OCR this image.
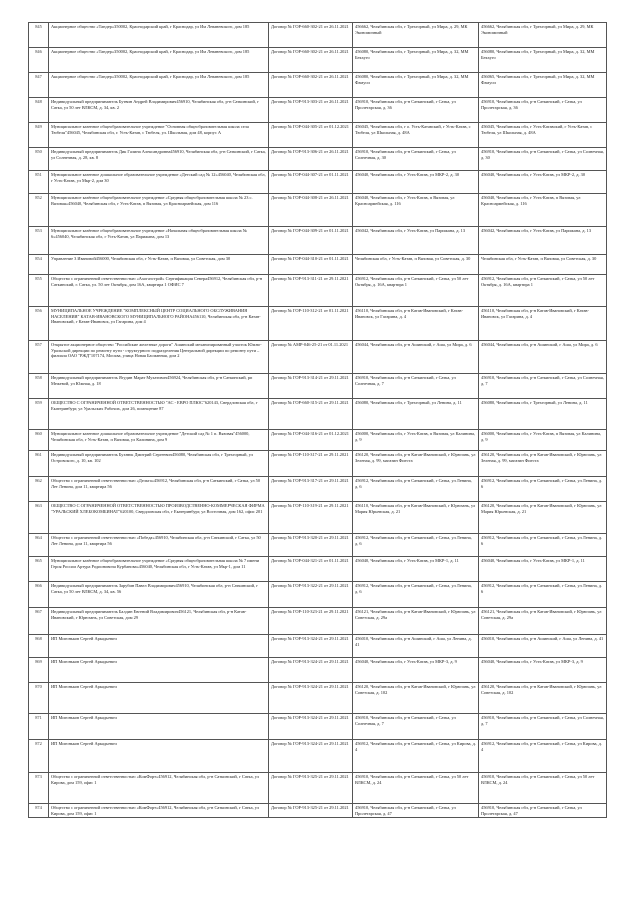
845	Акционерное общество «Тандер»350002, Краснодарский край, г Краснодар, ул Им Леваневского, дом 185	Договор № ГОР-660-302-21 от 26.11.2021	456662, Челябинская обл, г Трехгорный, ул Мира, д. 29, МК Экономичный	456662, Челябинская обл, г Трехгорный, ул Мира, д. 29, МК Экономичный
846	Акционерное общество «Тандер»350002, Краснодарский край, г Краснодар, ул Им Леваневского, дом 185	Договор № ГОР-660-302-21 от 26.11.2021	456080, Челябинская обл, г Трехгорный, ул Мира, д. 32, ММ Бекхуго	456080, Челябинская обл, г Трехгорный, ул Мира, д. 32, ММ Бекхуго
847	Акционерное общество «Тандер»350002, Краснодарский край, г Краснодар, ул Им Леваневского, дом 185	Договор № ГОР-660-302-21 от 26.11.2021	456080, Челябинская обл, г Трехгорный, ул Мира, д. 32, ММ Фамуси	456065, Челябинская обл, г Трехгорный, ул Мира, д. 32, ММ Фамуси
848	Индивидуальный предприниматель Бутвин Андрей Владимирович456910, Челябинская обл, р-н Саткинский, г Сатка, ул 50 лет ВЛКСМ, д. 34, кв. 2	Договор № ГОР-913-303-21 от 26.11.2021	456910, Челябинская обл, р-н Саткинский, г Сатка, ул Пролетарская, д. 36	456910, Челябинская обл, р-н Саткинский, г Сатка, ул Пролетарская, д. 36
849	Муниципальное казенное общеобразовательное учреждение "Основная общеобразовательная школа села Тюбеля"456045, Челябинская обл, г. Усть-Катав, с Тюбеля, ул. Школьная, дом 48, корпус А	Договор № ГОР-044-305-21 от 01.12.2021	456045, Челябинская обл, г о. Усть-Катавский, г Усть-Катав, с Тюбеля, ул Школьная, д. 48А	456045, Челябинская обл, г Усть-Катавский, г Усть-Катав, с Тюбеля, ул Школьная, д. 48А
850	Индивидуальный предприниматель Дик Галина Александровна456910, Челябинская обл, р-н Саткинский, г Сатка, ул Солнечная, д. 28, кв. 8	Договор № ГОР-913-306-21 от 26.11.2021	456910, Челябинская обл, р-н Саткинский, г Сатка, ул Солнечная, д. 30	456910, Челябинская обл, р-н Саткинский, г Сатка, ул Солнечная, д. 30
851	Муниципальное казенное дошкольное образовательное учреждение «Детский сад № 12»456040, Челябинская обл, г Усть-Катав, ул Мкр-2, дом 30	Договор № ГОР-044-307-21 от 01.11.2021	456040, Челябинская обл, г Усть-Катав, ул МКР-2, д. 30	456040, Челябинская обл, г Усть-Катав, ул МКР-2, д. 30
852	Муниципальное казённое общеобразовательное учреждение «Средняя общеобразовательная школа № 23 с. Вязовая»456040, Челябинская обл, г Усть-Катав, п Вязовая, ул Красноармейская, дом 116	Договор № ГОР-044-308-21 от 26.11.2021	456040, Челябинская обл, г Усть-Катав, п Вязовая, ул Красноармейская, д. 116	456040, Челябинская обл, г Усть-Катав, п Вязовая, ул Красноармейская, д. 116
853	Муниципальное казённое общеобразовательное учреждение «Начальная общеобразовательная школа № 6»456040, Челябинская обл, г Усть-Катав, ул Парижана, дом 13	Договор № ГОР-044-309-21 от 01.11.2021	456042, Челябинская обл, г Усть-Катав, ул Парижана, д. 13	456042, Челябинская обл, г Усть-Катав, ул Парижана, д. 13
854	Управление 3 Ивановой456000, Челябинская обл, г Усть-Катав, п Вязовая, ул Советская, дом 30	Договор № ГОР-044-310-21 от 01.11.2021	Челябинская обл, г Усть-Катав, п Вязовая, ул Советская, д. 30	Челябинская обл, г Усть-Катав, п Вязовая, ул Советская, д. 30
855	Общество с ограниченной ответственностью «Ахогазстрой» Сертификация Севера456912, Челябинская обл, р-н Саткинский, г. Сатка, ул. 50 лет Октября, дом 16А, квартира 1 ОФИС 7	Договор № ГОР-913-311-21 от 29.11.2021	456912, Челябинская обл, р-н Саткинский, г Сатка, ул 50 лет Октября, д. 16А, квартира 1	456912, Челябинская обл, р-н Саткинский, г Сатка, ул 50 лет Октября, д. 16А, квартира 1
856	МУНИЦИПАЛЬНОЕ УЧРЕЖДЕНИЕ "КОМПЛЕКСНЫЙ ЦЕНТР СОЦИАЛЬНОГО ОБСЛУЖИВАНИЯ НАСЕЛЕНИЯ" КАТАВ-ИВАНОВСКОГО МУНИЦИПАЛЬНОГО РАЙОНА456110, Челябинская обл, р-н Катав-Ивановский, г Катав-Ивановск, ул Гагарина, дом 4	Договор № ГОР-110-312-21 от 01.11.2021	456110, Челябинская обл, р-н Катав-Ивановский, г Катав-Ивановск, ул Гагарина, д. 4	456110, Челябинская обл, р-н Катав-Ивановский, г Катав-Ивановск, ул Гагарина, д. 4
857	Открытое акционерное общество "Российские железные дороги" Ашинский механизированный участок Южно-Уральской дирекции по ремонту пути - структурного подразделения Центральной дирекции по ремонту пути – филиала ОАО "РЖД"107174, Москва, улица Новая Басманная, дом 2	Договор № АМР-046-25-21 от 01.11.2021	456044, Челябинская обл, р-н Ашинский, г Аша, ул Мира, д. 6	456044, Челябинская обл, р-н Ашинский, г Аша, ул Мира, д. 6
858	Индивидуальный предприниматель Ягудин Марат Мухатович456924, Челябинская обл, р-н Саткинский, рп Межевой, ул Южная, д. 18	Договор № ГОР-913-314-21 от 29.11.2021	456910, Челябинская обл, р-н Саткинский, г Сатка, ул Солнечная, д. 7	456910, Челябинская обл, р-н Саткинский, г Сатка, ул Солнечная, д. 7
859	ОБЩЕСТВО С ОГРАНИЧЕННОЙ ОТВЕТСТВЕННОСТЬЮ "АС - ЕВРО ПЛЮС"620143, Свердловская обл, г Екатеринбург, ул Уральских Рабочих, дом 26, помещение 87	Договор № ГОР-660-315-21 от 29.11.2021	456080, Челябинская обл, г Трехгорный, ул Ленина, д. 11	456080, Челябинская обл, г Трехгорный, ул Ленина, д. 11
860	Муниципальное казенное дошкольное образовательное учреждение "Детский сад № 1 п. Вязовая"456000, Челябинская обл, г Усть-Катав, п Вязовая, ул Калинина, дом 9	Договор № ГОР-044-316-21 от 01.12.2021	456000, Челябинская обл, г Усть-Катав, п Вязовая, ул Калинина, д. 9	456000, Челябинская обл, г Усть-Катав, п Вязовая, ул Калинина, д. 9
861	Индивидуальный предприниматель Бухнюк Дмитрий Сергеевич456080, Челябинская обл, г Трехгорный, ул Островского, д. 10, кв. 102	Договор № ГОР-110-317-21 от 29.11.2021	456120, Челябинская обл, р-н Катав-Ивановский, г Юрюзань, ул Зеленая, д. 99, магазин Фиеста	456120, Челябинская обл, р-н Катав-Ивановский, г Юрюзань, ул Зеленая, д. 99, магазин Фиеста
862	Общество с ограниченной ответственностью «Дельта»456912, Челябинская обл, р-н Саткинский, г Сатка, ул 50 Лет Ленина, дом 11, квартира 56	Договор № ГОР-913-317-21 от 29.11.2021	456912, Челябинская обл, р-н Саткинский, г Сатка, ул Ленина, д. 6	456912, Челябинская обл, р-н Саткинский, г Сатка, ул Ленина, д. 6
863	ОБЩЕСТВО С ОГРАНИЧЕННОЙ ОТВЕТСТВЕННОСТЬЮ ПРОИЗВОДСТВЕННО-КОММЕРЧЕСКАЯ ФИРМА "УРАЛЬСКИЙ ХЛЕБОКОМБИНАТ"620100, Свердловская обл, г Екатеринбург, ул Восточная, дом 162, офис 201	Договор № ГОР-110-319-21 от 29.11.2021	456110, Челябинская обл, р-н Катав-Ивановский, г Юрюзань, ул Мария Юрьевская, д. 21	456120, Челябинская обл, р-н Катав-Ивановский, г Юрюзань, ул Мария Юрьевская, д. 21
864	Общество с ограниченной ответственностью «Победа»456910, Челябинская обл, р-н Саткинский, г Сатка, ул 50 Лет Ленина, дом 11, квартира 56	Договор № ГОР-913-320-21 от 29.11.2021	456912, Челябинская обл, р-н Саткинский, г Сатка, ул Ленина, д. 6	456912, Челябинская обл, р-н Саткинский, г Сатка, ул Ленина, д. 6
865	Муниципальное казённое общеобразовательное учреждение «Средняя общеобразовательная школа № 7 имени Героя России Артура Родионовича Курбанова»456040, Челябинская обл, г Усть-Катав, ул Мкр-1, дом 11	Договор № ГОР-044-321-21 от 01.11.2021	456040, Челябинская обл, г Усть-Катав, ул МКР-1, д. 11	456040, Челябинская обл, г Усть-Катав, ул МКР-1, д. 11
866	Индивидуальный предприниматель Зарубин Павел Владимирович456910, Челябинская обл, р-н Саткинский, г Сатка, ул 50 лет ВЛКСМ, д. 34, кв. 56	Договор № ГОР-913-322-21 от 29.11.2021	456912, Челябинская обл, р-н Саткинский, г Сатка, ул Ленина, д. 6	456912, Челябинская обл, р-н Саткинский, г Сатка, ул Ленина, д. 6
867	Индивидуальный предприниматель Балдин Евгений Владимирович456121, Челябинская обл, р-н Катав-Ивановский, г Юрюзань, ул Советская, дом 29	Договор № ГОР-110-323-21 от 29.11.2021	456121, Челябинская обл, р-н Катав-Ивановский, г Юрюзань, ул Советская, д. 29а	456121, Челябинская обл, р-н Катав-Ивановский, г Юрюзань, ул Советская, д. 29а
868	ИП Мигоньков Сергей Аркадьевич	Договор № ГОР-913-324-21 от 29.11.2021	456010, Челябинская обл, р-н Ашинский, г Аша, ул Ленина, д. 41	456010, Челябинская обл, р-н Ашинский, г Аша, ул Ленина, д. 41
869	ИП Мигоньков Сергей Аркадьевич	Договор № ГОР-913-324-21 от 29.11.2021	456040, Челябинская обл, г Усть-Катав, ул МКР-3, д. 9	456040, Челябинская обл, г Усть-Катав, ул МКР-3, д. 9
870	ИП Мигоньков Сергей Аркадьевич	Договор № ГОР-913-324-21 от 29.11.2021	456120, Челябинская обл, р-н Катав-Ивановский, г Юрюзань, ул Советская, д. 102	456120, Челябинская обл, р-н Катав-Ивановский, г Юрюзань, ул Советская, д. 102
871	ИП Мигоньков Сергей Аркадьевич	Договор № ГОР-913-324-21 от 29.11.2021	456910, Челябинская обл, р-н Саткинский, г Сатка, ул Солнечная, д. 7	456910, Челябинская обл, р-н Саткинский, г Сатка, ул Солнечная, д. 7
872	ИП Мигоньков Сергей Аркадьевич	Договор № ГОР-913-324-21 от 29.11.2021	456912, Челябинская обл, р-н Саткинский, г Сатка, ул Кирова, д. 4	456912, Челябинская обл, р-н Саткинский, г Сатка, ул Кирова, д. 4
873	Общество с ограниченной ответственностью «КомФорт»456912, Челябинская обл, р-н Саткинский, г Сатка, ул Кирова, дом 159, офис 1	Договор № ГОР-913-325-21 от 29.11.2021	456910, Челябинская обл, р-н Саткинский, г Сатка, ул 50 лет ВЛКСМ, д. 24	456910, Челябинская обл, р-н Саткинский, г Сатка, ул 50 лет ВЛКСМ, д. 24
874	Общество с ограниченной ответственностью «КомФорт»456912, Челябинская обл, р-н Саткинский, г Сатка, ул Кирова, дом 159, офис 1	Договор № ГОР-913-325-21 от 29.11.2021	456910, Челябинская обл, р-н Саткинский, г Сатка, ул Пролетарская, д. 47	456910, Челябинская обл, р-н Саткинский, г Сатка, ул Пролетарская, д. 47
